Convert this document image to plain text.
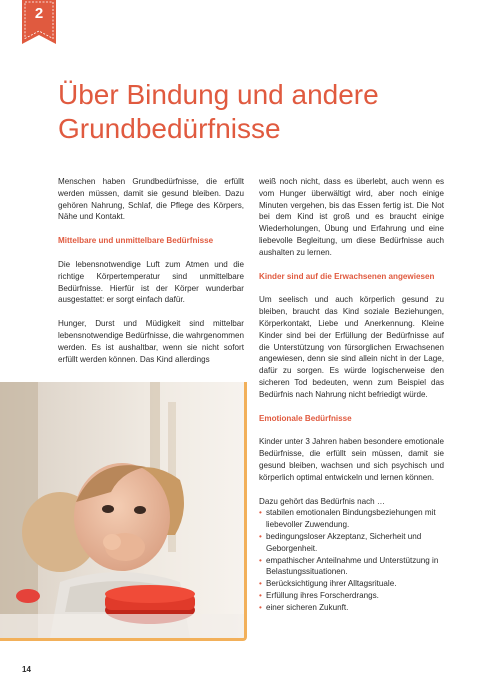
2
Über Bindung und andere Grundbedürfnisse

Menschen haben Grundbedürfnisse, die erfüllt werden müssen, damit sie gesund bleiben. Dazu gehören Nahrung, Schlaf, die Pflege des Körpers, Nähe und Kontakt.

Mittelbare und unmittelbare Bedürfnisse

Die lebensnotwendige Luft zum Atmen und die richtige Körpertemperatur sind unmittelbare Bedürfnisse. Hierfür ist der Körper wunderbar ausgestattet: er sorgt einfach dafür.

Hunger, Durst und Müdigkeit sind mittelbar lebensnotwendige Bedürfnisse, die wahrgenommen werden. Es ist aushaltbar, wenn sie nicht sofort erfüllt werden können. Das Kind allerdings

weiß noch nicht, dass es überlebt, auch wenn es vom Hunger überwältigt wird, aber noch einige Minuten vergehen, bis das Essen fertig ist. Die Not bei dem Kind ist groß und es braucht einige Wiederholungen, Übung und Erfahrung und eine liebevolle Begleitung, um diese Bedürfnisse auch aushalten zu lernen.

Kinder sind auf die Erwachsenen angewiesen

Um seelisch und auch körperlich gesund zu bleiben, braucht das Kind soziale Beziehungen, Körperkontakt, Liebe und Anerkennung. Kleine Kinder sind bei der Erfüllung der Bedürfnisse auf die Unterstützung von fürsorglichen Erwachsenen angewiesen, denn sie sind allein nicht in der Lage, dafür zu sorgen. Es würde logischerweise den sicheren Tod bedeuten, wenn zum Beispiel das Bedürfnis nach Nahrung nicht befriedigt würde.

Emotionale Bedürfnisse

Kinder unter 3 Jahren haben besondere emotionale Bedürfnisse, die erfüllt sein müssen, damit sie gesund bleiben, wachsen und sich psychisch und körperlich optimal entwickeln und lernen können.

Dazu gehört das Bedürfnis nach …

• stabilen emotionalen Bindungsbeziehungen mit liebevoller Zuwendung.
• bedingungsloser Akzeptanz, Sicherheit und Geborgenheit.
• empathischer Anteilnahme und Unterstützung in Belastungssituationen.
• Berücksichtigung ihrer Alltagsrituale.
• Erfüllung ihres Forscherdrangs.
• einer sicheren Zukunft.
14
